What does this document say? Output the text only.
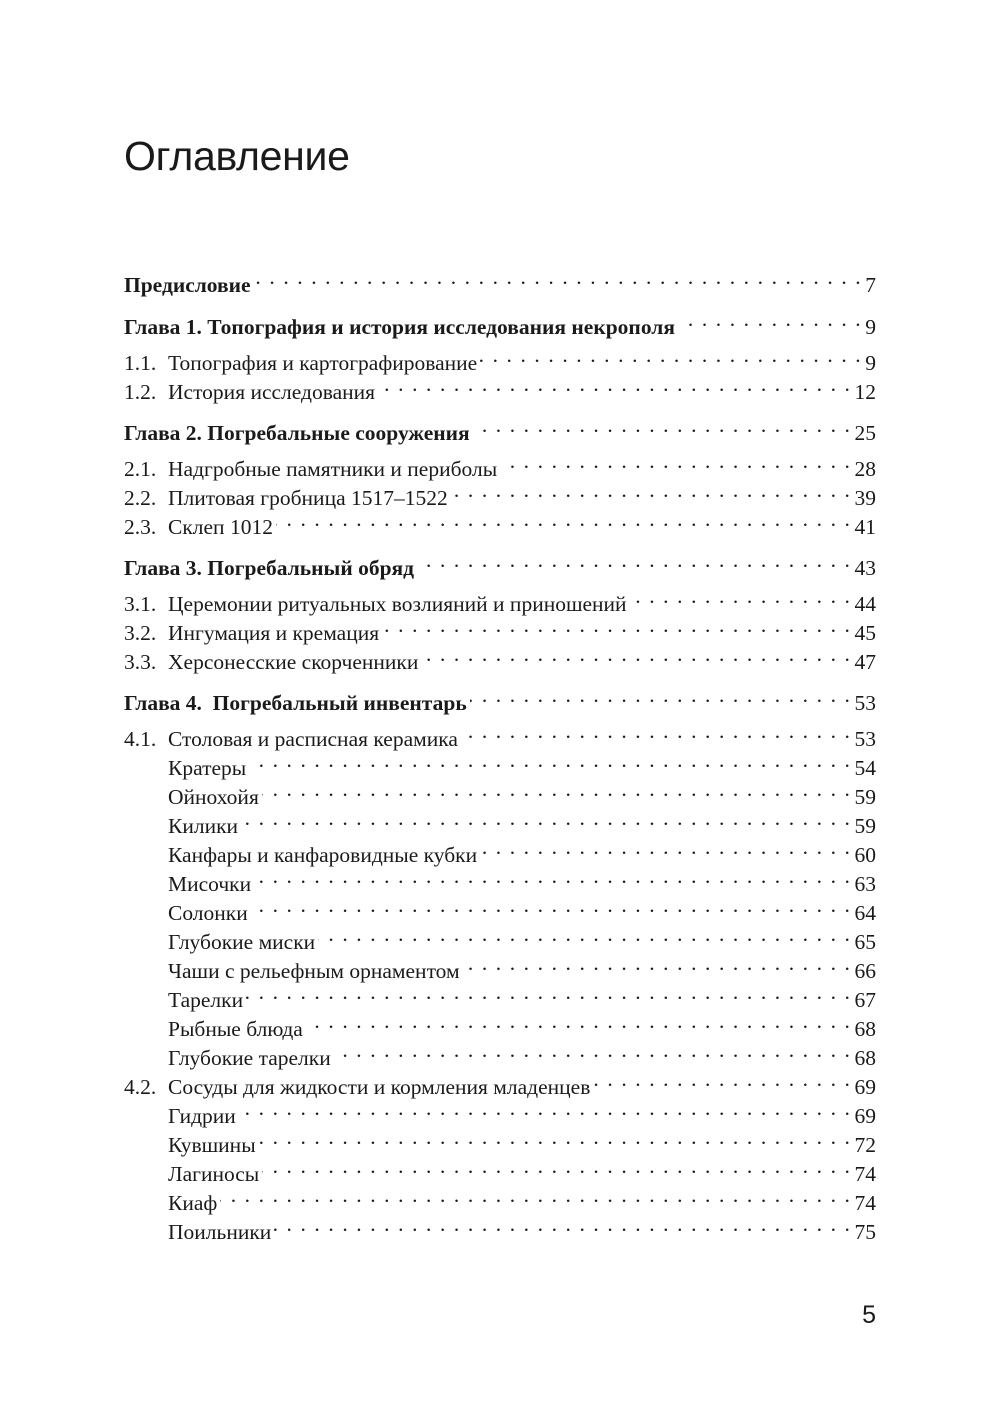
Оглавление
Предисловие . . .	7
Глава 1. Топография и история исследования некрополя . . .	9
1.1. Топография и картографирование . . .	9
1.2. История исследования . . .	12
Глава 2. Погребальные сооружения . . .	25
2.1. Надгробные памятники и периболы . . .	28
2.2. Плитовая гробница 1517–1522 . . .	39
2.3. Склеп 1012 . . .	41
Глава 3. Погребальный обряд . . .	43
3.1. Церемонии ритуальных возлияний и приношений . . .	44
3.2. Ингумация и кремация . . .	45
3.3. Херсонесские скорченники . . .	47
Глава 4.  Погребальный инвентарь . . .	53
4.1. Столовая и расписная керамика . . .	53
Кратеры . . .	54
Ойнохойя . . .	59
Килики . . .	59
Канфары и канфаровидные кубки . . .	60
Мисочки . . .	63
Солонки . . .	64
Глубокие миски . . .	65
Чаши с рельефным орнаментом . . .	66
Тарелки . . .	67
Рыбные блюда . . .	68
Глубокие тарелки . . .	68
4.2. Сосуды для жидкости и кормления младенцев . . .	69
Гидрии . . .	69
Кувшины . . .	72
Лагиносы . . .	74
Киаф . . .	74
Поильники . . .	75
5
